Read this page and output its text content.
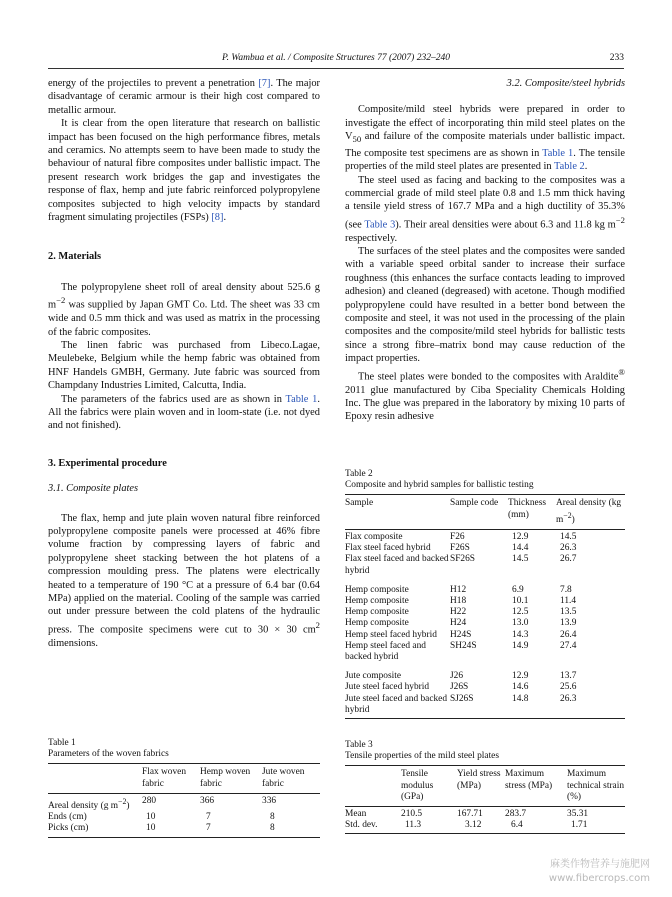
P. Wambua et al. / Composite Structures 77 (2007) 232–240	233

energy of the projectiles to prevent a penetration [7]. The major disadvantage of ceramic armour is their high cost compared to metallic armour.

It is clear from the open literature that research on ballistic impact has been focused on the high performance fibres, metals and ceramics. No attempts seem to have been made to study the behaviour of natural fibre composites under ballistic impact. The present research work bridges the gap and investigates the response of flax, hemp and jute fabric reinforced polypropylene composites subjected to high velocity impacts by standard fragment simulating projectiles (FSPs) [8].

2. Materials

The polypropylene sheet roll of areal density about 525.6 g $m^{-2}$ was supplied by Japan GMT Co. Ltd. The sheet was 33 cm wide and 0.5 mm thick and was used as matrix in the processing of the fabric composites.

The linen fabric was purchased from Libeco.Lagae, Meulebeke, Belgium while the hemp fabric was obtained from HNF Handels GMBH, Germany. Jute fabric was sourced from Champdany Industries Limited, Calcutta, India.

The parameters of the fabrics used are as shown in Table 1. All the fabrics were plain woven and in loom-state (i.e. not dyed and not finished).

3. Experimental procedure
3.1. Composite plates

The flax, hemp and jute plain woven natural fibre reinforced polypropylene composite panels were processed at 46% fibre volume fraction by compressing layers of fabric and polypropylene sheet stacking between the hot platens of a compression moulding press. The platens were electrically heated to a temperature of 190 °C at a pressure of 6.4 bar (0.64 MPa) applied on the material. Cooling of the sample was carried out under pressure between the cold platens of the hydraulic press. The composite specimens were cut to 30 × 30 $cm^2$ dimensions.

3.2. Composite/steel hybrids

Composite/mild steel hybrids were prepared in order to investigate the effect of incorporating thin mild steel plates on the $V_{50}$ and failure of the composite materials under ballistic impact. The composite test specimens are as shown in Table 1. The tensile properties of the mild steel plates are presented in Table 2.

The steel used as facing and backing to the composites was a commercial grade of mild steel plate 0.8 and 1.5 mm thick having a tensile yield stress of 167.7 MPa and a high ductility of 35.3% (see Table 3). Their areal densities were about 6.3 and 11.8 kg $m^{-2}$ respectively.

The surfaces of the steel plates and the composites were sanded with a variable speed orbital sander to increase their surface roughness (this enhances the surface contacts leading to improved adhesion) and cleaned (degreased) with acetone. Though modified polypropylene could have resulted in a better bond between the composite and steel, it was not used in the processing of the plain composites and the composite/mild steel hybrids for ballistic tests since a strong fibre–matrix bond may cause reduction of the impact properties.

The steel plates were bonded to the composites with Araldite® 2011 glue manufactured by Ciba Speciality Chemicals Holding Inc. The glue was prepared in the laboratory by mixing 10 parts of Epoxy resin adhesive

Table 1
Parameters of the woven fabrics
	Flax woven fabric	Hemp woven fabric	Jute woven fabric
Areal density (g $m^{-2}$)	280	366	336
Ends (cm)	10	7	8
Picks (cm)	10	7	8
Table 2
Composite and hybrid samples for ballistic testing
Sample	Sample code	Thickness (mm)	Areal density (kg $m^{-2}$)
Flax composite	F26	12.9	14.5
Flax steel faced hybrid	F26S	14.4	26.3
Flax steel faced and backed hybrid	SF26S	14.5	26.7

Hemp composite	H12	6.9	7.8
Hemp composite	H18	10.1	11.4
Hemp composite	H22	12.5	13.5
Hemp composite	H24	13.0	13.9
Hemp steel faced hybrid	H24S	14.3	26.4
Hemp steel faced and backed hybrid	SH24S	14.9	27.4

Jute composite	J26	12.9	13.7
Jute steel faced hybrid	J26S	14.6	25.6
Jute steel faced and backed hybrid	SJ26S	14.8	26.3
Table 3
Tensile properties of the mild steel plates
	Tensile modulus (GPa)	Yield stress (MPa)	Maximum stress (MPa)	Maximum technical strain (%)
Mean	210.5	167.71	283.7	35.31
Std. dev.	11.3	3.12	6.4	1.71
麻类作物营养与施肥网
www.fibercrops.com
